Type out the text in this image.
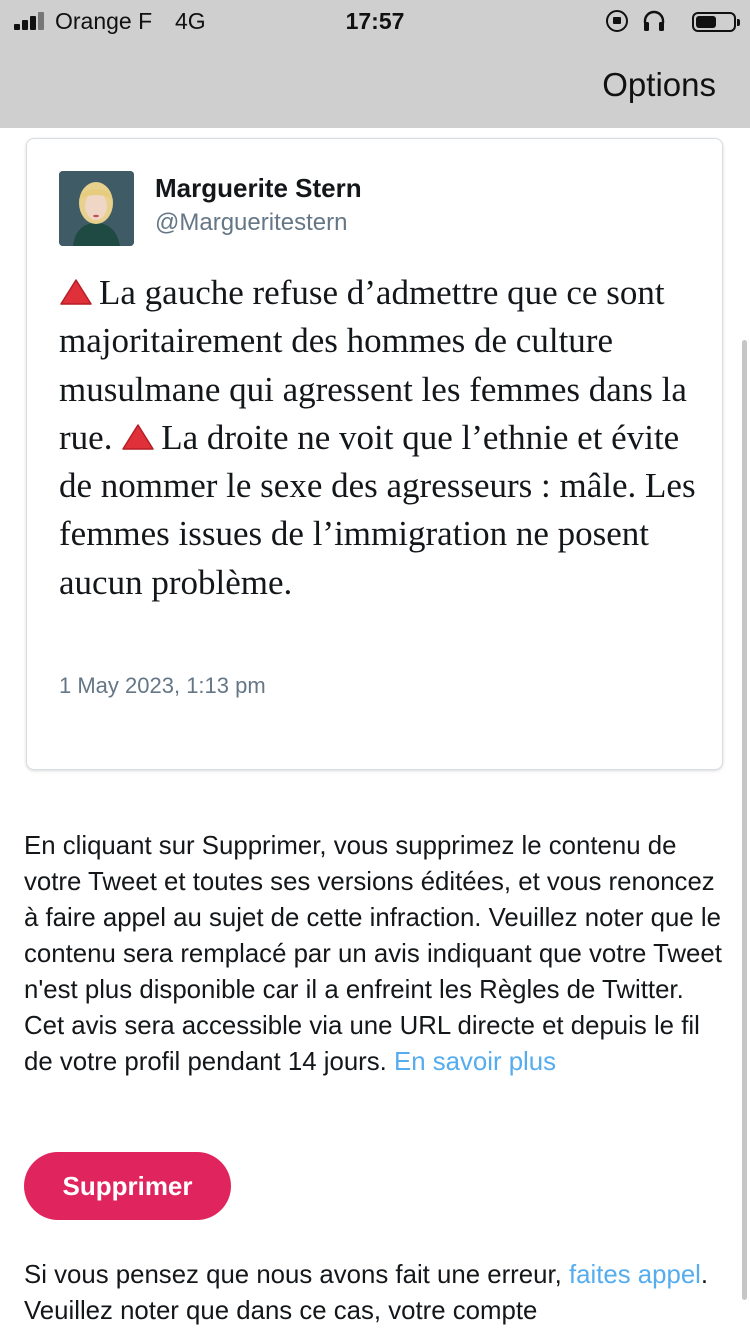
Orange F 4G	17:57
Options
Marguerite Stern
@Margueritestern
La gauche refuse d’admettre que ce sont majoritairement des hommes de culture musulmane qui agressent les femmes dans la rue. La droite ne voit que l’ethnie et évite de nommer le sexe des agresseurs : mâle. Les femmes issues de l’immigration ne posent aucun problème.
1 May 2023, 1:13 pm
En cliquant sur Supprimer, vous supprimez le contenu de votre Tweet et toutes ses versions éditées, et vous renoncez à faire appel au sujet de cette infraction. Veuillez noter que le contenu sera remplacé par un avis indiquant que votre Tweet n'est plus disponible car il a enfreint les Règles de Twitter. Cet avis sera accessible via une URL directe et depuis le fil de votre profil pendant 14 jours. En savoir plus
Supprimer
Si vous pensez que nous avons fait une erreur, faites appel. Veuillez noter que dans ce cas, votre compte
